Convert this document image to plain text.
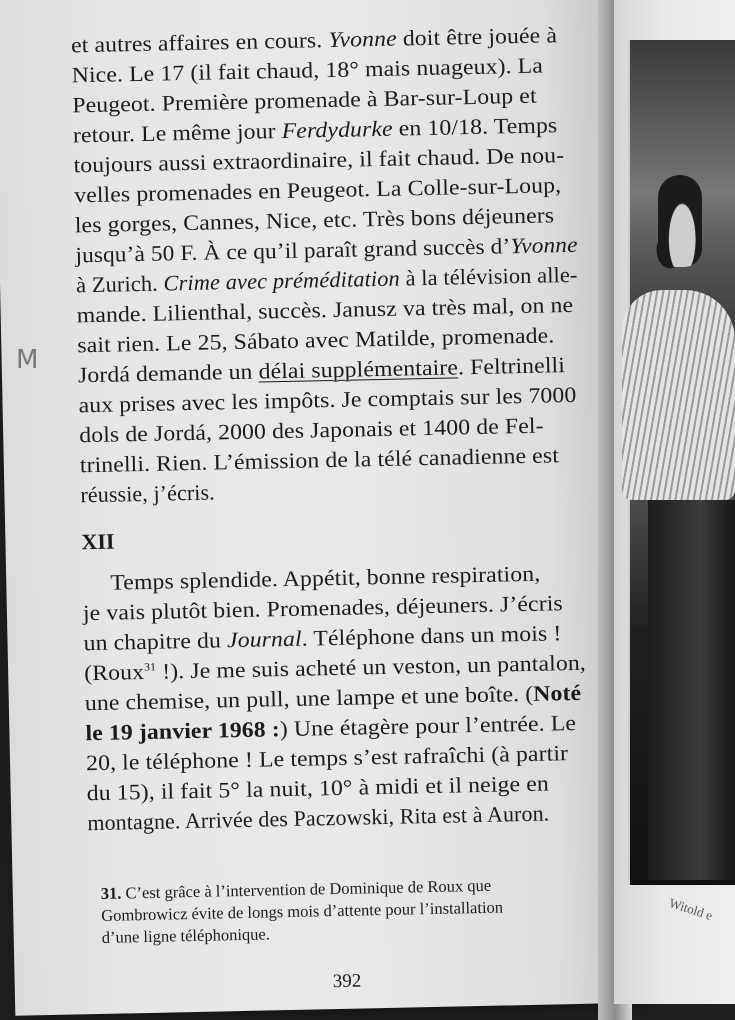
et autres affaires en cours. Yvonne doit être jouée à
Nice. Le 17 (il fait chaud, 18° mais nuageux). La
Peugeot. Première promenade à Bar-sur-Loup et
retour. Le même jour Ferdydurke en 10/18. Temps
toujours aussi extraordinaire, il fait chaud. De nou-
velles promenades en Peugeot. La Colle-sur-Loup,
les gorges, Cannes, Nice, etc. Très bons déjeuners
jusqu’à 50 F. À ce qu’il paraît grand succès d’Yvonne
à Zurich. Crime avec préméditation à la télévision alle-
mande. Lilienthal, succès. Janusz va très mal, on ne
sait rien. Le 25, Sábato avec Matilde, promenade.
Jordá demande un délai supplémentaire. Feltrinelli
aux prises avec les impôts. Je comptais sur les 7000
dols de Jordá, 2000 des Japonais et 1400 de Fel-
trinelli. Rien. L’émission de la télé canadienne est
réussie, j’écris.
XII
Temps splendide. Appétit, bonne respiration,
je vais plutôt bien. Promenades, déjeuners. J’écris
un chapitre du Journal. Téléphone dans un mois !
(Roux$^{31}$ !). Je me suis acheté un veston, un pantalon,
une chemise, un pull, une lampe et une boîte. (Noté
le 19 janvier 1968 :) Une étagère pour l’entrée. Le
20, le téléphone ! Le temps s’est rafraîchi (à partir
du 15), il fait 5° la nuit, 10° à midi et il neige en
montagne. Arrivée des Paczowski, Rita est à Auron.
31. C’est grâce à l’intervention de Dominique de Roux que
Gombrowicz évite de longs mois d’attente pour l’installation
d’une ligne téléphonique.
392
M
Witold e
